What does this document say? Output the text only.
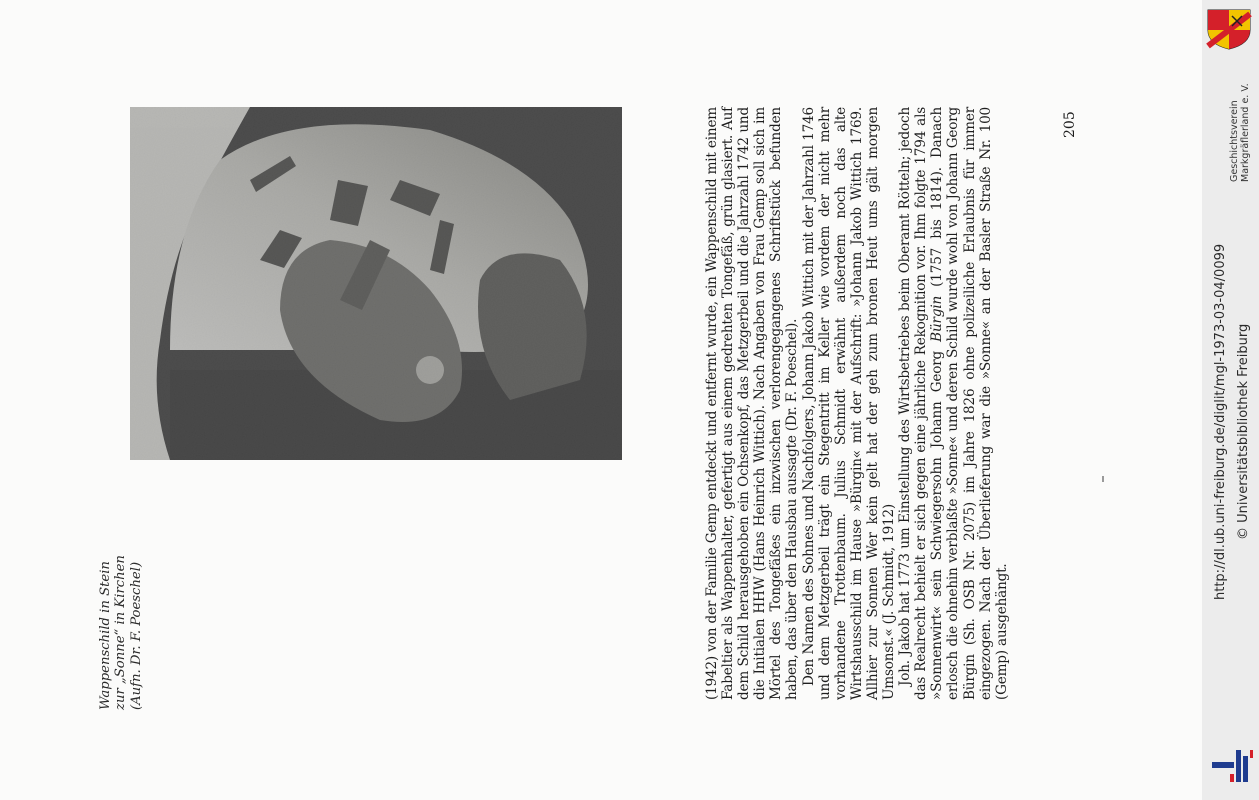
Wappenschild in Stein zur „Sonne“ in Kirchen (Aufn. Dr. F. Poeschel)	(1942) von der Familie Gemp entdeckt und entfernt wurde, ein Wappenschild mit einem Fabeltier als Wappenhalter, gefertigt aus einem gedrehten Tongefäß, grün glasiert. Auf dem Schild herausgehoben ein Ochsenkopf, das Metzgerbeil und die Jahrzahl 1742 und die Initialen HHW (Hans Heinrich Wittich). Nach Angaben von Frau Gemp soll sich im Mörtel des Tongefäßes ein inzwischen verlorengegangenes Schriftstück befunden haben, das über den Hausbau aussagte (Dr. F. Poeschel). Den Namen des Sohnes und Nachfolgers, Johann Jakob Wittich mit der Jahrzahl 1746 und dem Metzgerbeil trägt ein Stegentritt im Keller wie vordem der nicht mehr vorhandene Trottenbaum. Julius Schmidt erwähnt außerdem noch das alte Wirtshausschild im Hause »Bürgin« mit der Aufschrift: »Johann Jakob Wittich 1769. Allhier zur Sonnen Wer kein gelt hat der geh zum bronen Heut ums gält morgen Umsonst.« (J. Schmidt, 1912) Joh. Jakob hat 1773 um Einstellung des Wirtsbetriebes beim Oberamt Rötteln; jedoch das Realrecht behielt er sich gegen eine jährliche Rekognition vor. Ihm folgte 1794 als »Sonnenwirt« sein Schwiegersohn Johann Georg Bürgin (1757 bis 1814). Danach erlosch die ohnehin verblaßte »Sonne« und deren Schild wurde wohl von Johann Georg Bürgin (Sh. OSB Nr. 2075) im Jahre 1826 ohne polizeiliche Erlaubnis für immer eingezogen. Nach der Überlieferung war die »Sonne« an der Basler Straße Nr. 100 (Gemp) ausgehängt.

205	Geschichtsverein Markgräflerland e. V.
http://dl.ub.uni-freiburg.de/diglit/mgl-1973-03-04/0099 © Universitätsbibliothek Freiburg
